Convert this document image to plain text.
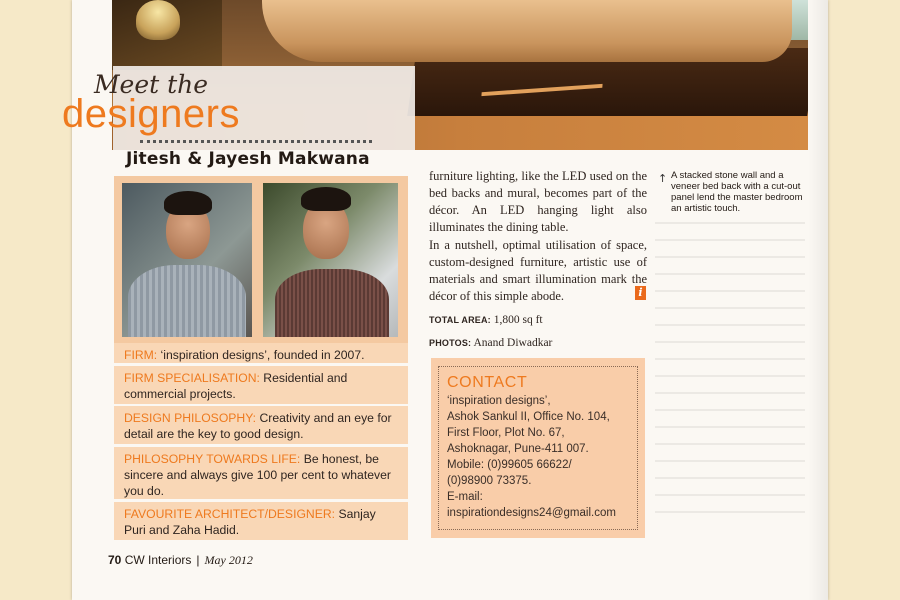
Meet the
designers
Jitesh & Jayesh Makwana
FIRM: ‘inspiration designs’, founded in 2007.
FIRM SPECIALISATION: Residential and commercial projects.
DESIGN PHILOSOPHY: Creativity and an eye for detail are the key to good design.
PHILOSOPHY TOWARDS LIFE: Be honest, be sincere and always give 100 per cent to whatever you do.
FAVOURITE ARCHITECT/DESIGNER: Sanjay Puri and Zaha Hadid.

furniture lighting, like the LED used on the bed backs and mural, becomes part of the décor. An LED hanging light also illuminates the dining table.

In a nutshell, optimal utilisation of space, custom-designed furniture, artistic use of materials and smart illumination mark the décor of this simple abode.	i
TOTAL AREA: 1,800 sq ft
PHOTOS: Anand Diwadkar
↑ A stacked stone wall and a veneer bed back with a cut-out panel lend the master bedroom an artistic touch.

CONTACT
‘inspiration designs’,
Ashok Sankul II, Office No. 104,
First Floor, Plot No. 67,
Ashoknagar, Pune-411 007.
Mobile: (0)99605 66622/
(0)98900 73375.
E-mail:
inspirationdesigns24@gmail.com
70 CW Interiors | May 2012
